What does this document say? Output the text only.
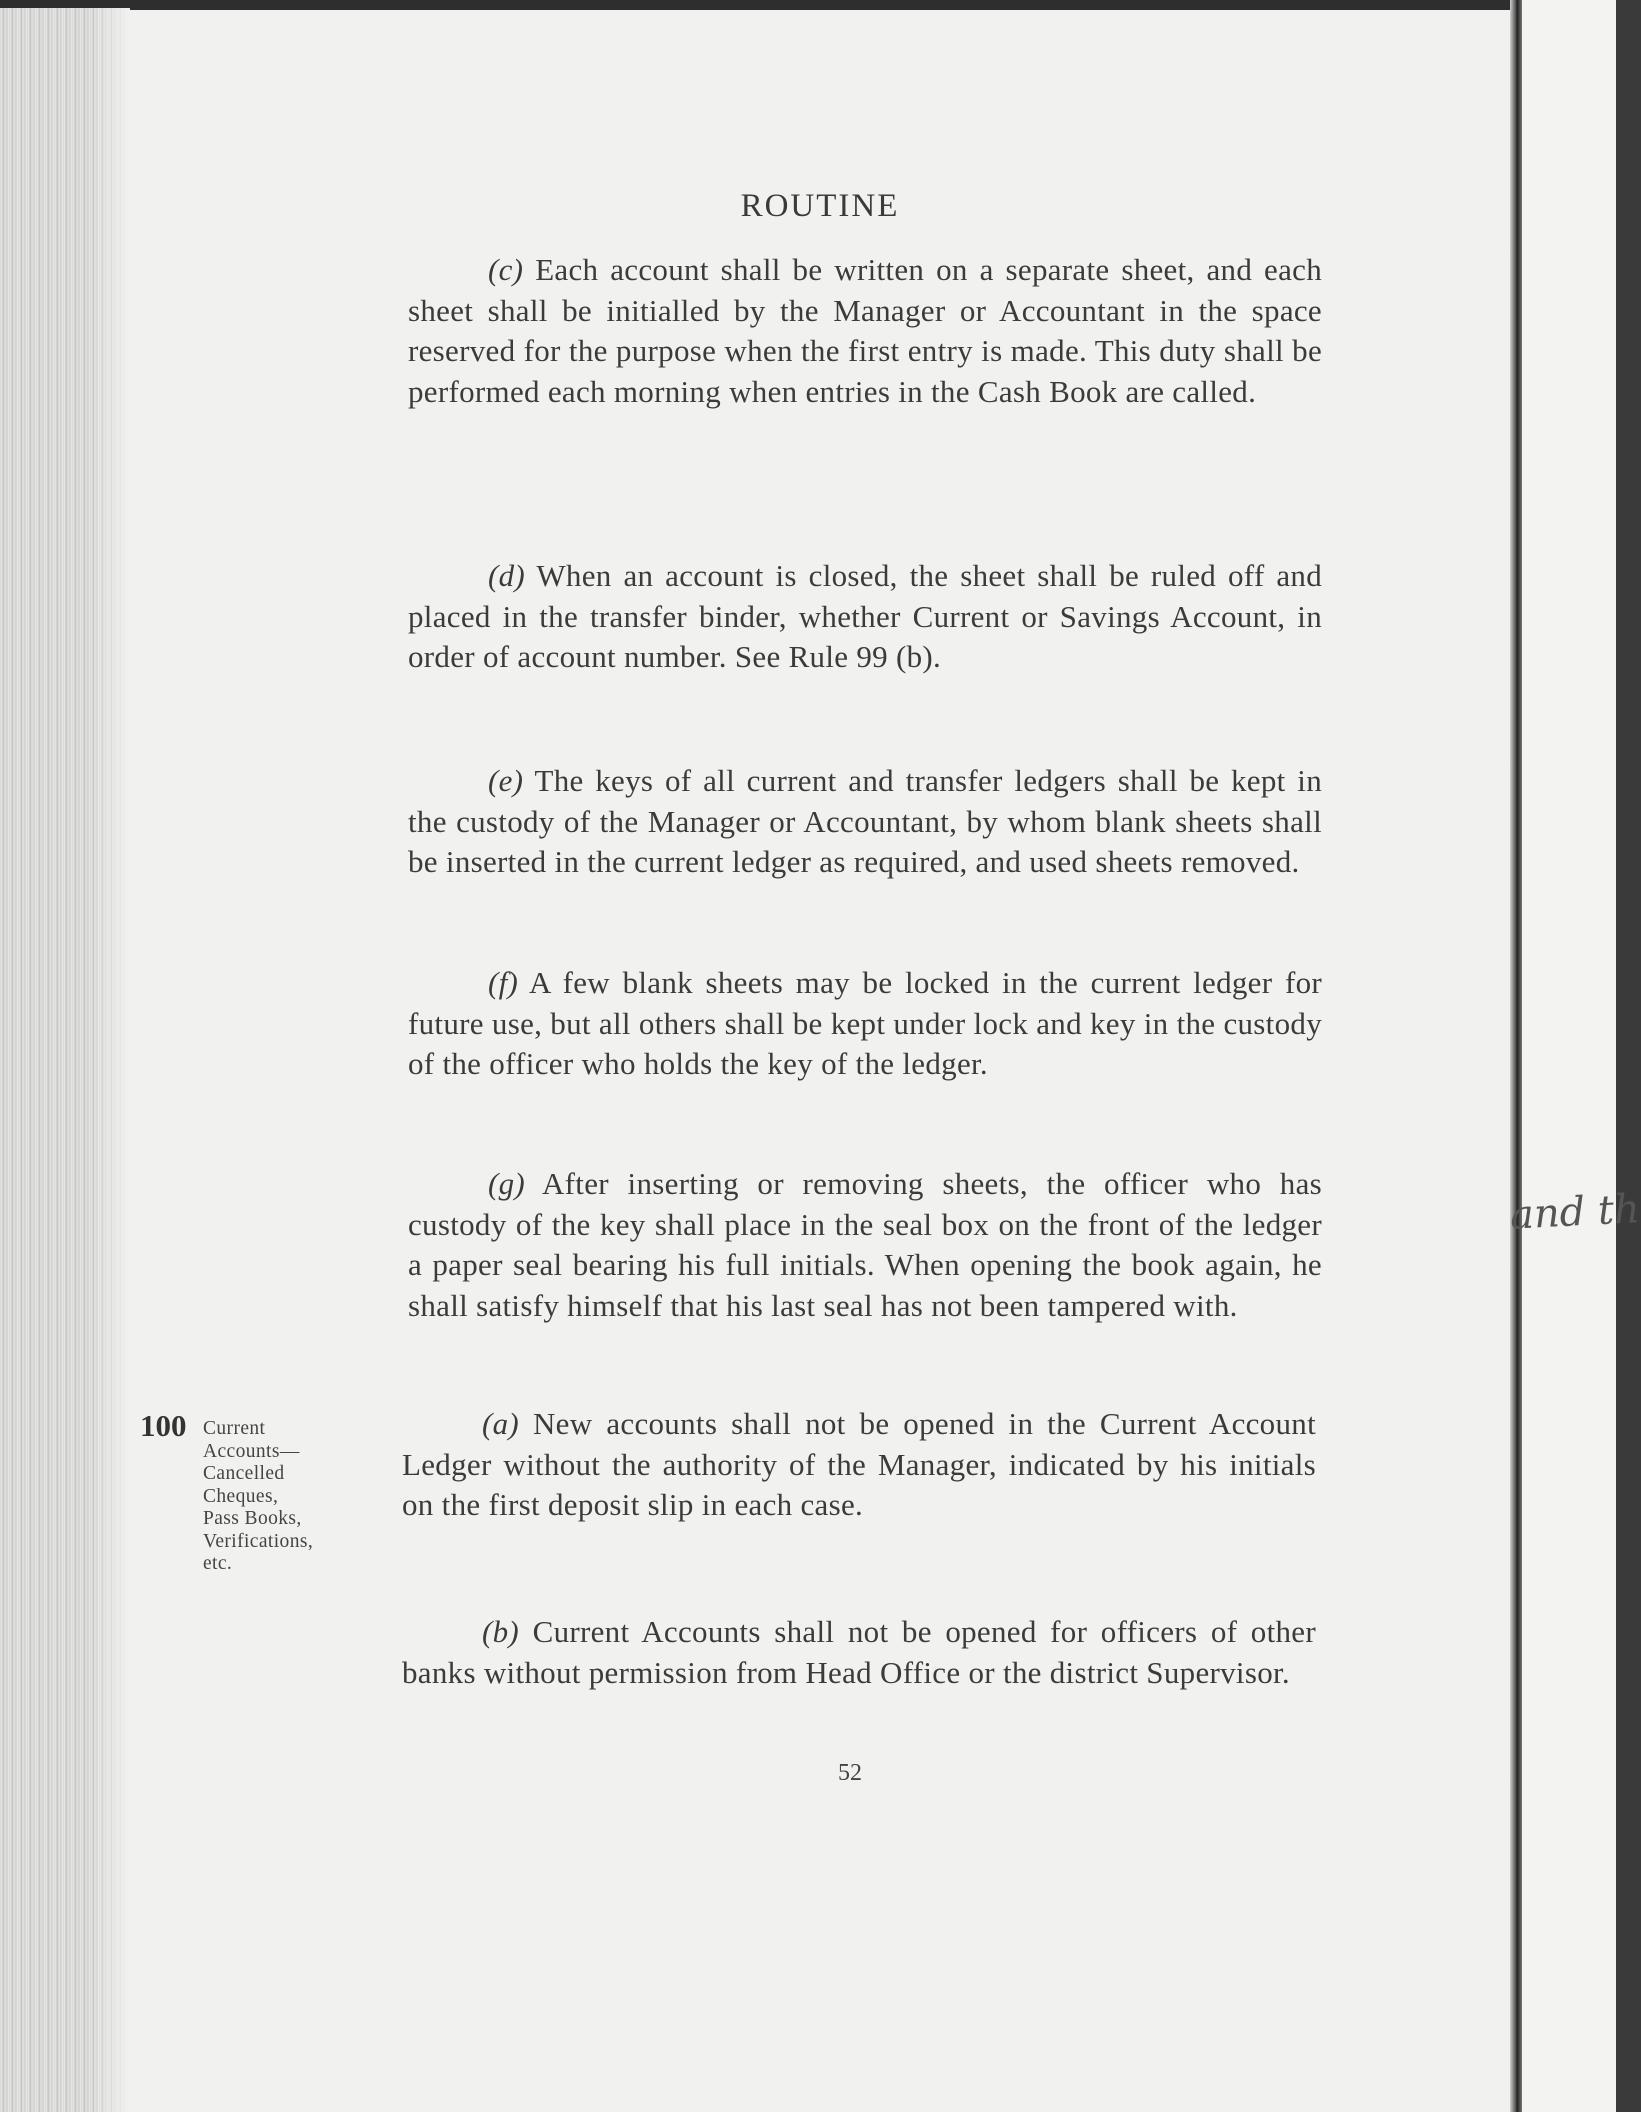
and th
ROUTINE

(c) Each account shall be written on a separate sheet, and each sheet shall be initialled by the Manager or Accountant in the space reserved for the purpose when the first entry is made. This duty shall be performed each morning when entries in the Cash Book are called.

(d) When an account is closed, the sheet shall be ruled off and placed in the transfer binder, whether Current or Savings Account, in order of account number. See Rule 99 (b).

(e) The keys of all current and transfer ledgers shall be kept in the custody of the Manager or Accountant, by whom blank sheets shall be inserted in the current ledger as required, and used sheets removed.

(f) A few blank sheets may be locked in the current ledger for future use, but all others shall be kept under lock and key in the custody of the officer who holds the key of the ledger.

(g) After inserting or removing sheets, the officer who has custody of the key shall place in the seal box on the front of the ledger a paper seal bearing his full initials. When opening the book again, he shall satisfy himself that his last seal has not been tampered with.

100 Current
Accounts—
Cancelled
Cheques,
Pass Books,
Verifications,
etc.

(a) New accounts shall not be opened in the Current Account Ledger without the authority of the Manager, indicated by his initials on the first deposit slip in each case.

(b) Current Accounts shall not be opened for officers of other banks without permission from Head Office or the district Supervisor.

52
